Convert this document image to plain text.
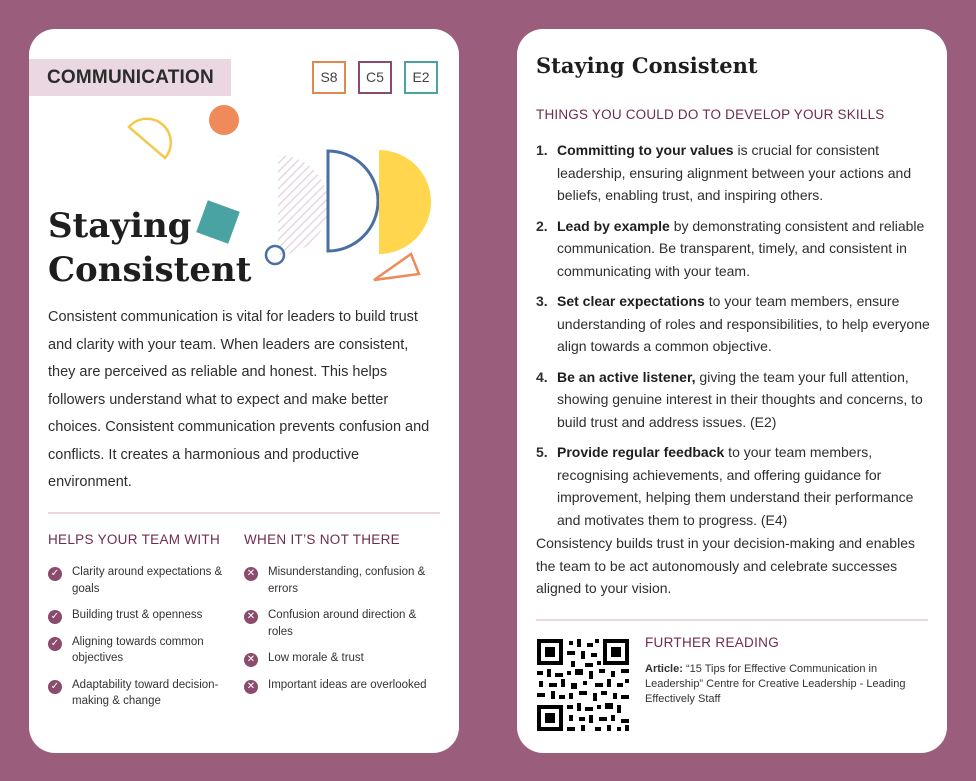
COMMUNICATION	S8	C5	E2
Staying
Consistent
Consistent communication is vital for leaders to build trust and clarity with your team. When leaders are consistent, they are perceived as reliable and honest. This helps followers understand what to expect and make better choices. Consistent communication prevents confusion and conflicts. It creates a harmonious and productive environment.
HELPS YOUR TEAM WITH
✓ Clarity around expectations & goals
✓ Building trust & openness
✓ Aligning towards common objectives
✓ Adaptability toward decision-making & change
WHEN IT’S NOT THERE
✕ Misunderstanding, confusion & errors
✕ Confusion around direction & roles
✕ Low morale & trust
✕ Important ideas are overlooked
Staying Consistent
THINGS YOU COULD DO TO DEVELOP YOUR SKILLS
1. Committing to your values is crucial for consistent leadership, ensuring alignment between your actions and beliefs, enabling trust, and inspiring others.
2. Lead by example by demonstrating consistent and reliable communication. Be transparent, timely, and consistent in communicating with your team.
3. Set clear expectations to your team members, ensure understanding of roles and responsibilities, to help everyone align towards a common objective.
4. Be an active listener, giving the team your full attention, showing genuine interest in their thoughts and concerns, to build trust and address issues. (E2)
5. Provide regular feedback to your team members, recognising achievements, and offering guidance for improvement, helping them understand their performance and motivates them to progress. (E4)
Consistency builds trust in your decision-making and enables the team to be act autonomously and celebrate successes aligned to your vision.
FURTHER READING
Article: “15 Tips for Effective Communication in Leadership” Centre for Creative Leadership - Leading Effectively Staff
